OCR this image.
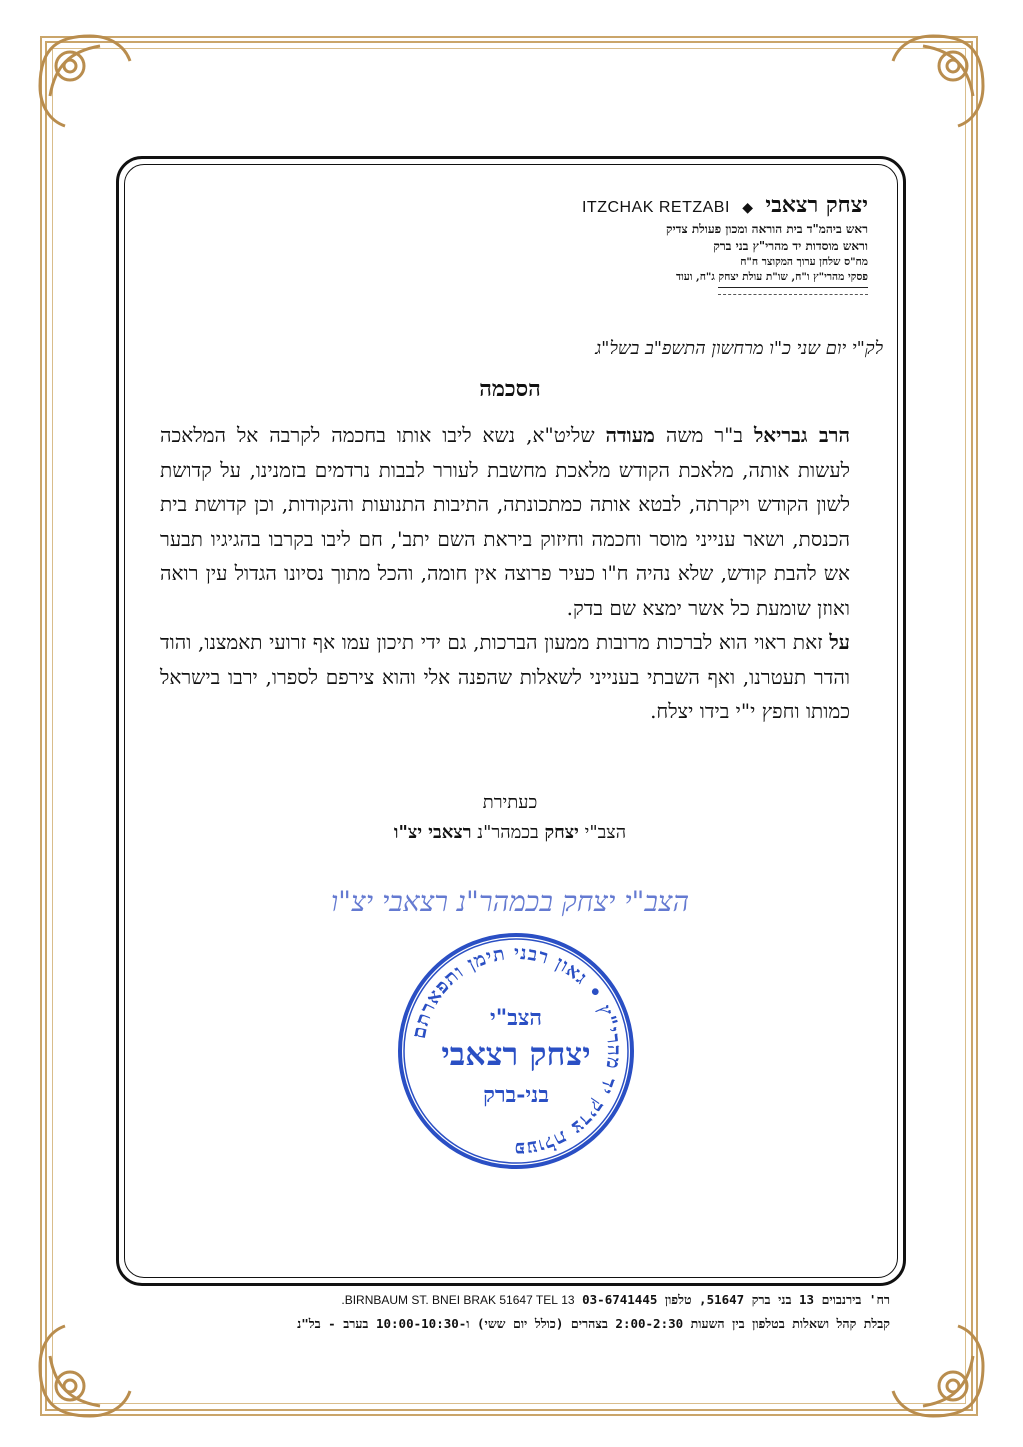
יצחק רצאבי ◆ ITZCHAK RETZABI
ראש ביהמ"ד בית הוראה ומכון פעולת צדיק
וראש מוסדות יד מהרי"ץ בני ברק
מח"ס שלחן ערוך המקוצר ח"ח
פסקי מהרי"ץ ו"ח, שו"ת עולת יצחק ג"ח, ועוד
לק"י יום שני כ"ו מרחשון התשפ"ב בשל"ג
הסכמה

הרב גבריאל ב"ר משה מעודה שליט"א, נשא ליבו אותו בחכמה לקרבה אל המלאכה לעשות אותה, מלאכת הקודש מלאכת מחשבת לעורר לבבות נרדמים בזמנינו, על קדושת לשון הקודש ויקרתה, לבטא אותה כמתכונתה, התיבות התנועות והנקודות, וכן קדושת בית הכנסת, ושאר ענייני מוסר וחכמה וחיזוק ביראת השם יתב', חם ליבו בקרבו בהגיגיו תבער אש להבת קודש, שלא נהיה ח"ו כעיר פרוצה אין חומה, והכל מתוך נסיונו הגדול עין רואה ואוזן שומעת כל אשר ימצא שם בדק.

על זאת ראוי הוא לברכות מרובות ממעון הברכות, גם ידי תיכון עמו אף זרועי תאמצנו, והוד והדר תעטרנו, ואף השבתי בענייני לשאלות שהפנה אלי והוא צירפם לספרו, ירבו בישראל כמותו וחפץ י"י בידו יצלח.

כעתירת
הצב"י יצחק בכמהר"נ רצאבי יצ"ו
הצב"י יצחק בכמהר"נ רצאבי יצ"ו
פעולת צדיק יד מהרי"ץ • גאון רבני תימן ותפארתם
הצב"י
יצחק רצאבי
בני-ברק
רח' בירנבוים 13 בני ברק 51647, טלפון 03-6741445 13 BIRNBAUM ST. BNEI BRAK 51647 TEL.
קבלת קהל ושאלות בטלפון בין השעות 2:00-2:30 בצהרים (כולל יום ששי) ו-10:00-10:30 בערב - בל"נ
